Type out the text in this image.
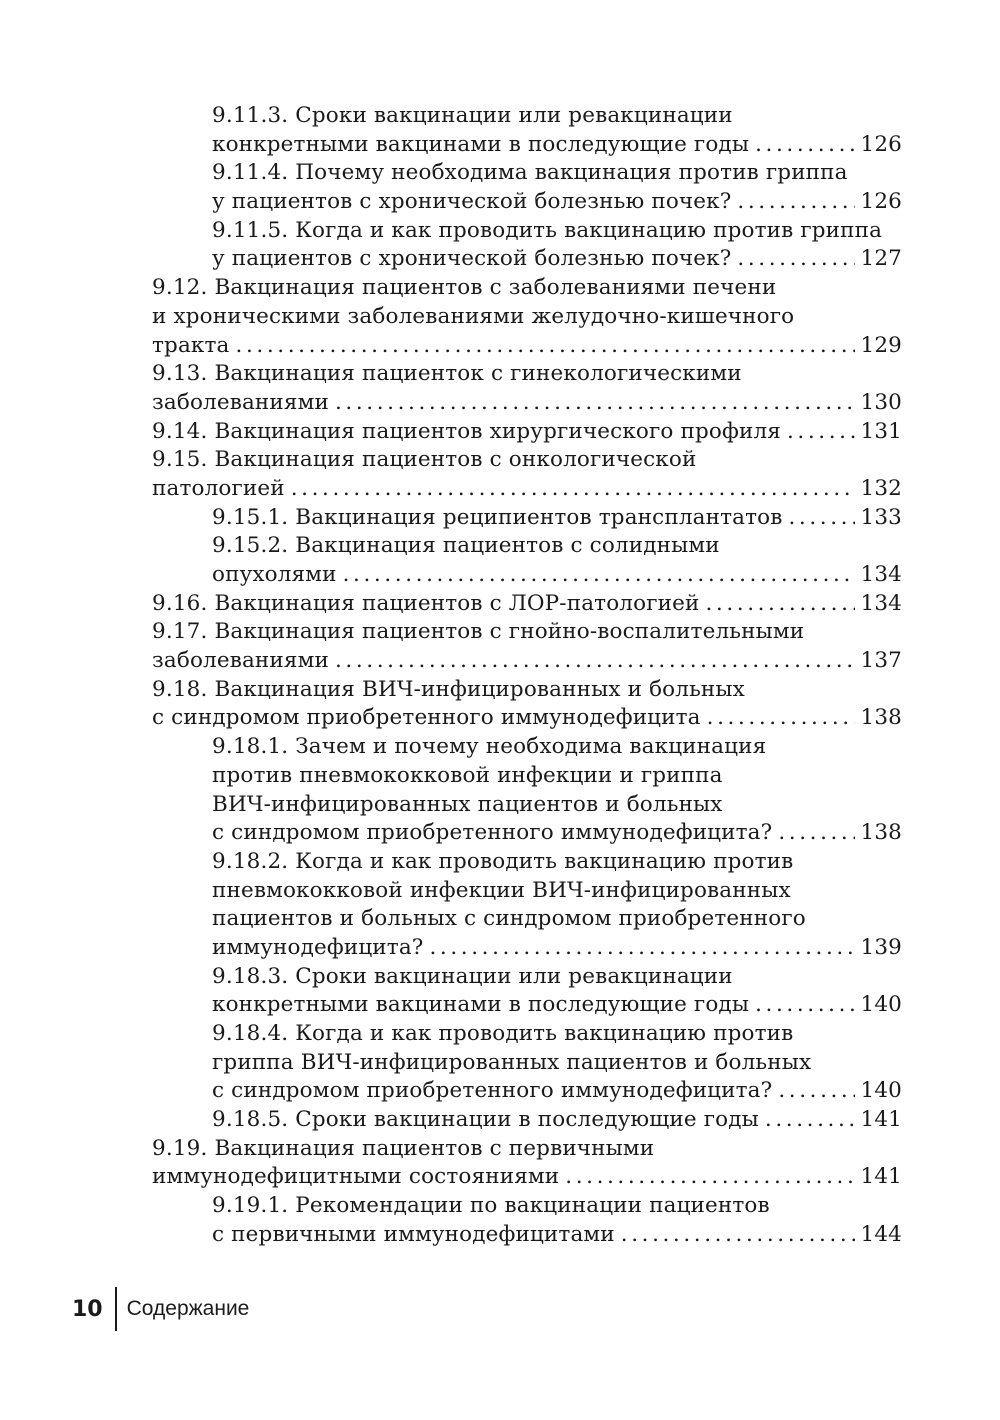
9.11.3. Сроки вакцинации или ревакцинации
конкретными вакцинами в последующие годы .....	126
9.11.4. Почему необходима вакцинация против гриппа
у пациентов с хронической болезнью почек? .....	126
9.11.5. Когда и как проводить вакцинацию против гриппа
у пациентов с хронической болезнью почек? .....	127
9.12. Вакцинация пациентов с заболеваниями печени
и хроническими заболеваниями желудочно-кишечного
тракта .....	129
9.13. Вакцинация пациенток с гинекологическими
заболеваниями .....	130
9.14. Вакцинация пациентов хирургического профиля .....	131
9.15. Вакцинация пациентов с онкологической
патологией .....	132
9.15.1. Вакцинация реципиентов трансплантатов .....	133
9.15.2. Вакцинация пациентов с солидными
опухолями .....	134
9.16. Вакцинация пациентов с ЛОР-патологией .....	134
9.17. Вакцинация пациентов с гнойно-воспалительными
заболеваниями .....	137
9.18. Вакцинация ВИЧ-инфицированных и больных
с синдромом приобретенного иммунодефицита .....	138
9.18.1. Зачем и почему необходима вакцинация
против пневмококковой инфекции и гриппа
ВИЧ-инфицированных пациентов и больных
с синдромом приобретенного иммунодефицита? .....	138
9.18.2. Когда и как проводить вакцинацию против
пневмококковой инфекции ВИЧ-инфицированных
пациентов и больных с синдромом приобретенного
иммунодефицита? .....	139
9.18.3. Сроки вакцинации или ревакцинации
конкретными вакцинами в последующие годы .....	140
9.18.4. Когда и как проводить вакцинацию против
гриппа ВИЧ-инфицированных пациентов и больных
с синдромом приобретенного иммунодефицита? .....	140
9.18.5. Сроки вакцинации в последующие годы .....	141
9.19. Вакцинация пациентов с первичными
иммунодефицитными состояниями .....	141
9.19.1. Рекомендации по вакцинации пациентов
с первичными иммунодефицитами .....	144
10 Содержание
